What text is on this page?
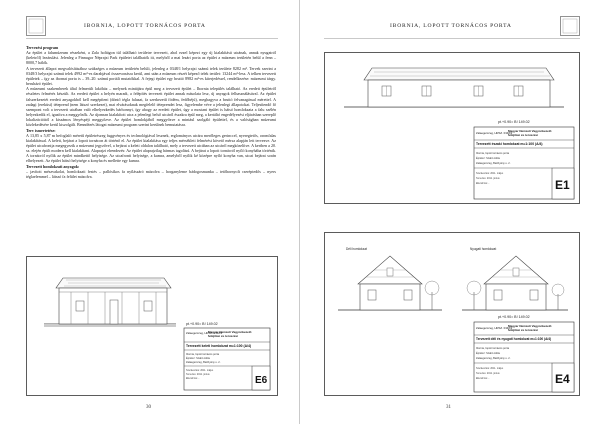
IBORNIA, LOPOTT TORNÁCOS PORTA

Tervezési program

Az épület a falumúzeum részeként, a Zala holtágon túl található területre tervezett, ahol ezzel képezi egy új kialakítású utcának, annak nyugatról (keletről) lezárulást. Jelenleg a Finnugor Néprajzi Park épületei találhatók itt, melyből a mai lezárt porta az épület a múzeum területén belül a fenn – 8000,7 hálók.

A tervezett állapot megvalósításához szükséges a múzeum területén belüli, jelenleg a 0348/1 helyrajzi számú telek területe 8282 m². Tervek szerint a 0348/3 helyrajzi számú telek 4992 m²-es darabjával összevonásra kerül, ami után a múzeum részét képező telek terület: 13244 m²-lesz. A telken tervezett épületek – így az ibornai porta is – 39–20. számú portáli mutatókkal. A fejegi épület egy bruttó 8982 m²-es kiterjedéssel, rendelkezése: múzeumi tárgy. beruházó épület.

A múzeumi szakemberek által felmerült lakóház – melynek mintájára épül meg a tervezett épület – Ibornia település található. Az eredeti épületről részletes felmérés készült. Az eredeti épület a helyén maradt, a felépítés tervezett épület annak másolata lesz, új anyagok felhasználásával. Az épület falszerkezetét eredeti anyagokból kell megépíteni (döntő tégla falazat, fa szerkezetű födém, fedőhéjú), megbagyva a bruttó felvanagással mérettel. A zadagi (ereküsi) téteprend (nem látszó szerkezet), mai elvárásoknak megfelelő téteprendet lesz, figyelembe véve a jelenlegi állapotokat. Teljesítendő fő szempont volt a tervezett utcában való elhelyezkedés bárhonnyi, így ahogy az eredeti épület, úgy a mostani épület is hátsó homlokzata a falu szélén helyezkedik el, igazítva a meggyőzők. Az újonnan kialakított utca a jelenlegi belső utcáról északra épül meg, a kertáltó engedélyezési eljárásban szereplő lokalizációitól a kiszámos lényéspéji meggyőzve. Az épület homlokjából meggyőzve a mintául szolgáló épülettel, és a valóságban múzeumi közlekedésére kerül kiszolgált. Benndézés látogat múzeumi program szerint kerülnek bemutatásra.

Terv ismertetése:

A 13,85 x 5,87 m befoglaló méretű épületrészeg fuggvényes és technológiával lesznek, erglományos utcára merőleges gerinccel, nyeregtetős, oromfalas kialakítással. A keleti, bejárat a lopott tornácon át történő el. Az épület kialakítása egy teljes mérsékleti felmérést követő mérsa alapján lett tervezve. Az épület utcafrontja megegyezik a múzeumi jegyzővel, a bejárat a keleti oldalon található, mely a tervezett utcában az utcáról megközelítve. A kertben a 20. sz. elején épült modern kell kialakítani. Alaprajzi elrendezés: Az épület alaprajzilag hármas tagolású. A bejárat a lopott tornácról nyíló konyhába történik. A tornácról nyílik az épület mindkettő helyisége. Az utcafronti helyisége, a kamra, amelyből nyilik ké középre nyíló konyha van, utcai bejárat során elhelyezett. Az épület hátsó helyisége a konyha és mellette egy kamra.

Tervezett homlokzati anyagok:

– javított mészvakolat, homlokzati festés – pallósíkos fa nyílászáró mázolva – horganyleme bádogosmunka – tetőhornyolt cseréptedős – nyers téglaelemmel – látszó fa felület mázolva.

pt.+0.90= B! 149.02
Zalaegerszeg, HRSZ. 0348/3
Magyar Nemzeti Vagyonkezelő
felújítási és tervezési
Tervezett keleti homlokzat m=1:100 (A/4)
Ibornia, lopott tornácos porta
Építész: Szabó Attila
Zalaegerszeg, Batthyány u. 2.
Szerkesztés: 2011. május
Tervezés: 2011. június
Ellenőrzés: -	E6
30
IBORNIA, LOPOTT TORNÁCOS PORTA
pt.+0.90= B! 149.02
Zalaegerszeg, HRSZ. 0348/3
Magyar Nemzeti Vagyonkezelő
felújítási és tervezési
Tervezett északi homlokzat m=1:100 (A/4)
Ibornia, lopott tornácos porta
Építész: Szabó Attila
Zalaegerszeg, Batthyány u. 2.
Szerkesztés: 2011. május
Tervezés: 2011. június
Ellenőrzés: -	E1
Déli homlokzat	Nyugati homlokzat
pt.+0.90= B! 149.02
Zalaegerszeg, HRSZ. 0348/3
Magyar Nemzeti Vagyonkezelő
felújítási és tervezési
Tervezett déli és nyugati homlokzat m=1:100 (A/4)
Ibornia, lopott tornácos porta
Építész: Szabó Attila
Zalaegerszeg, Batthyány u. 2.
Szerkesztés: 2011. május
Tervezés: 2011. június
Ellenőrzés: -	E4
31
